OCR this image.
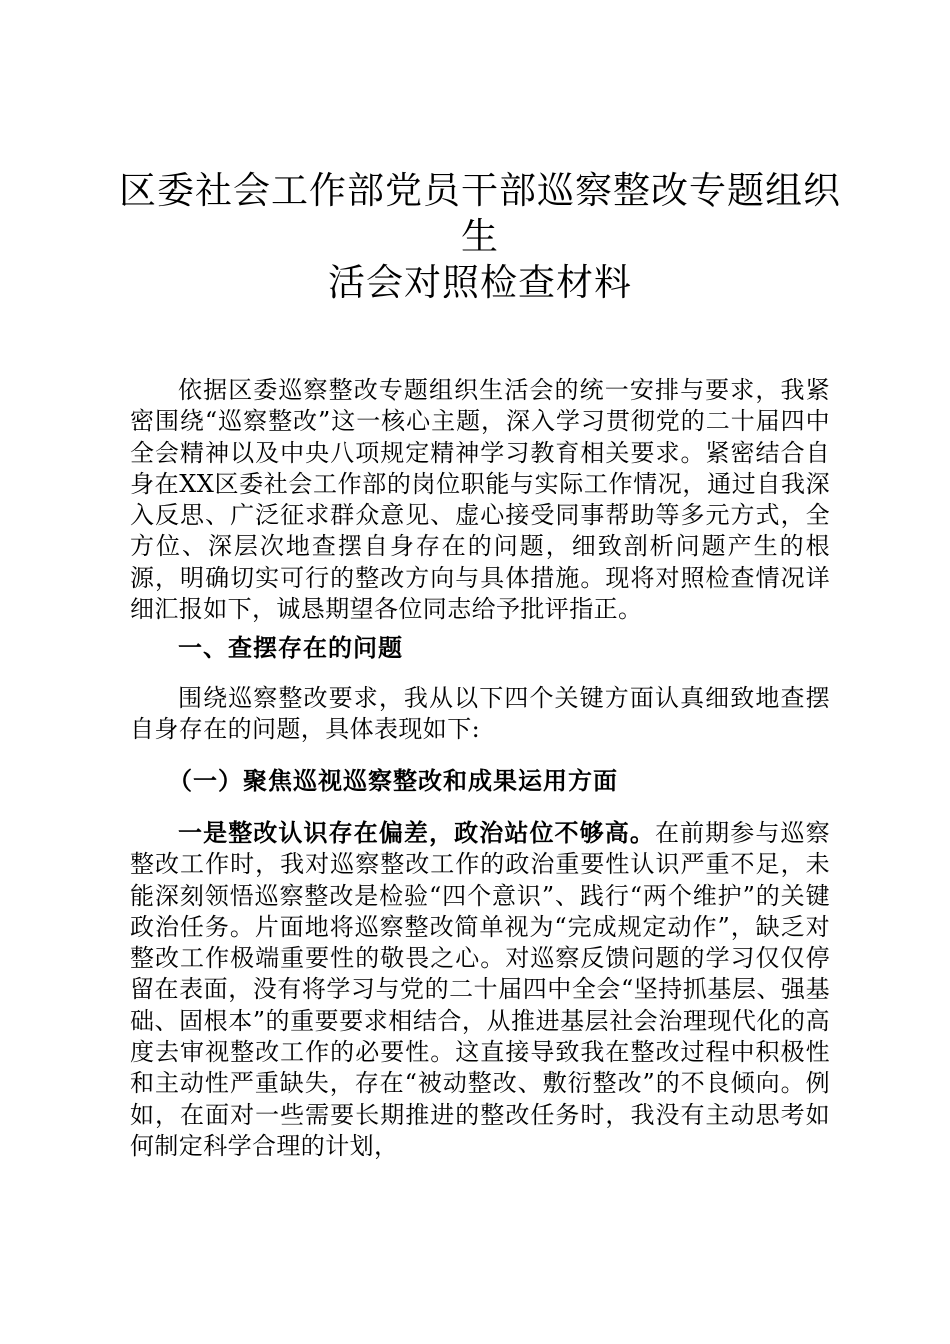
区委社会工作部党员干部巡察整改专题组织生
活会对照检查材料

依据区委巡察整改专题组织生活会的统一安排与要求，我紧密围绕“巡察整改”这一核心主题，深入学习贯彻党的二十届四中全会精神以及中央八项规定精神学习教育相关要求。紧密结合自身在XX区委社会工作部的岗位职能与实际工作情况，通过自我深入反思、广泛征求群众意见、虚心接受同事帮助等多元方式，全方位、深层次地查摆自身存在的问题，细致剖析问题产生的根源，明确切实可行的整改方向与具体措施。现将对照检查情况详细汇报如下，诚恳期望各位同志给予批评指正。

一、查摆存在的问题

围绕巡察整改要求，我从以下四个关键方面认真细致地查摆自身存在的问题，具体表现如下:

（一）聚焦巡视巡察整改和成果运用方面

一是整改认识存在偏差，政治站位不够高。在前期参与巡察整改工作时，我对巡察整改工作的政治重要性认识严重不足，未能深刻领悟巡察整改是检验“四个意识”、践行“两个维护”的关键政治任务。片面地将巡察整改简单视为“完成规定动作”，缺乏对整改工作极端重要性的敬畏之心。对巡察反馈问题的学习仅仅停留在表面，没有将学习与党的二十届四中全会“坚持抓基层、强基础、固根本”的重要要求相结合，从推进基层社会治理现代化的高度去审视整改工作的必要性。这直接导致我在整改过程中积极性和主动性严重缺失，存在“被动整改、敷衍整改”的不良倾向。例如，在面对一些需要长期推进的整改任务时，我没有主动思考如何制定科学合理的计划，
